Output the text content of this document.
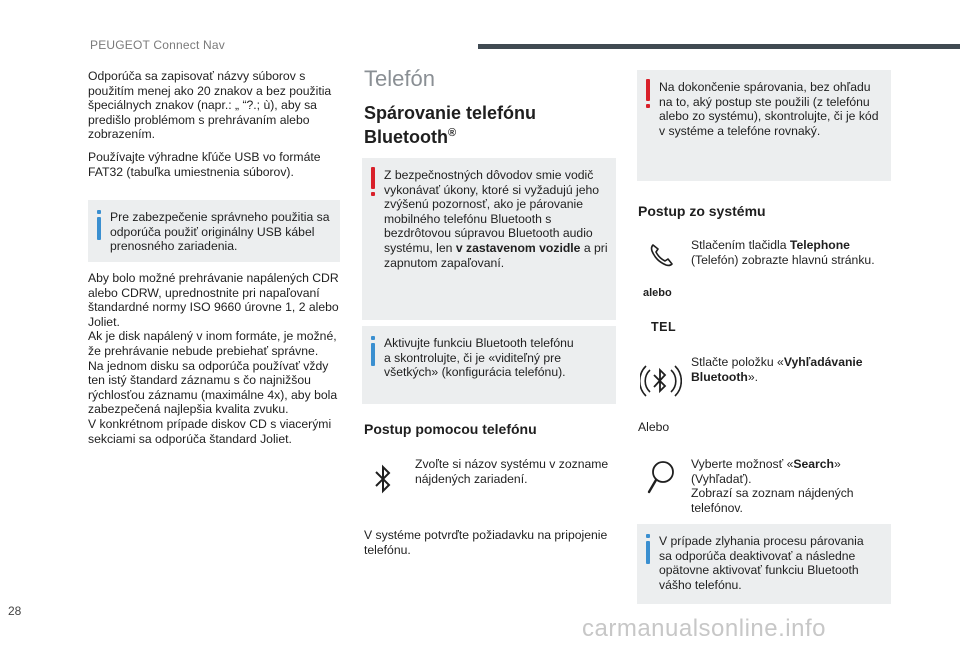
PEUGEOT Connect Nav
Odporúča sa zapisovať názvy súborov s
použitím menej ako 20 znakov a bez použitia
špeciálnych znakov (napr.: „ “?.; ù), aby sa
predišlo problémom s prehrávaním alebo
zobrazením.
Používajte výhradne kľúče USB vo formáte
FAT32 (tabuľka umiestnenia súborov).
Pre zabezpečenie správneho použitia sa
odporúča použiť originálny USB kábel
prenosného zariadenia.
Aby bolo možné prehrávanie napálených CDR
alebo CDRW, uprednostnite pri napaľovaní
štandardné normy ISO 9660 úrovne 1, 2 alebo
Joliet.
Ak je disk napálený v inom formáte, je možné,
že prehrávanie nebude prebiehať správne.
Na jednom disku sa odporúča používať vždy
ten istý štandard záznamu s čo najnižšou
rýchlosťou záznamu (maximálne 4x), aby bola
zabezpečená najlepšia kvalita zvuku.
V konkrétnom prípade diskov CD s viacerými
sekciami sa odporúča štandard Joliet.
Telefón
Spárovanie telefónu
Bluetooth®
Z bezpečnostných dôvodov smie vodič
vykonávať úkony, ktoré si vyžadujú jeho
zvýšenú pozornosť, ako je párovanie
mobilného telefónu Bluetooth s
bezdrôtovou súpravou Bluetooth audio
systému, len v zastavenom vozidle a pri
zapnutom zapaľovaní.
Aktivujte funkciu Bluetooth telefónu
a skontrolujte, či je «viditeľný pre
všetkých» (konfigurácia telefónu).
Postup pomocou telefónu
Zvoľte si názov systému v zozname
nájdených zariadení.
V systéme potvrďte požiadavku na pripojenie
telefónu.
Na dokončenie spárovania, bez ohľadu
na to, aký postup ste použili (z telefónu
alebo zo systému), skontrolujte, či je kód
v systéme a telefóne rovnaký.
Postup zo systému
Stlačením tlačidla Telephone
(Telefón) zobrazte hlavnú stránku.
alebo
TEL
Stlačte položku «Vyhľadávanie
Bluetooth».
Alebo
Vyberte možnosť «Search»
(Vyhľadať).
Zobrazí sa zoznam nájdených
telefónov.
V prípade zlyhania procesu párovania
sa odporúča deaktivovať a následne
opätovne aktivovať funkciu Bluetooth
vášho telefónu.
28
carmanualsonline.info
